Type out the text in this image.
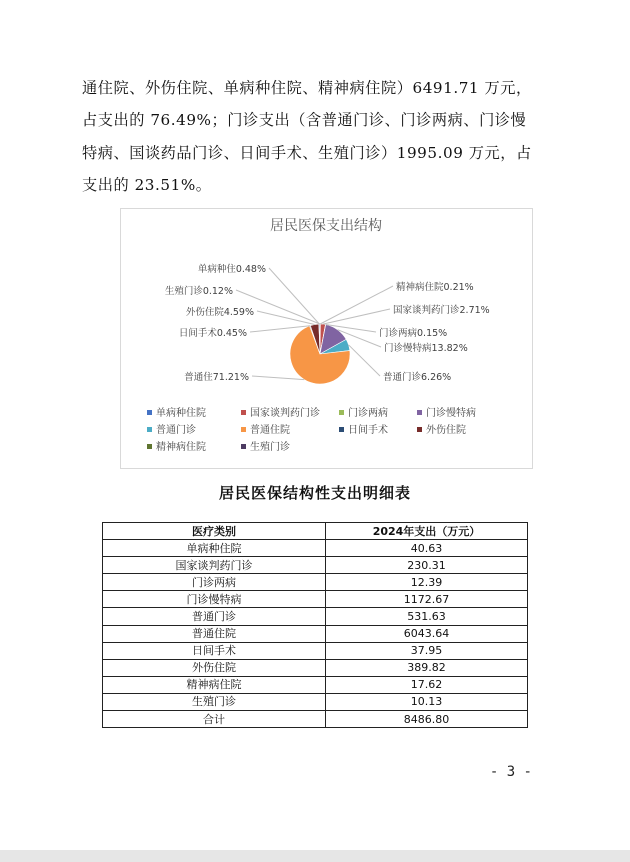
通住院、外伤住院、单病种住院、精神病住院）6491.71 万元，
占支出的 76.49%；门诊支出（含普通门诊、门诊两病、门诊慢
特病、国谈药品门诊、日间手术、生殖门诊）1995.09 万元，占
支出的 23.51%。
居民医保支出结构
单病种住0.48%
国家谈判药门诊2.71%
门诊两病0.15%
门诊慢特病13.82%
普通门诊6.26%
普通住71.21%
日间手术0.45%
外伤住院4.59%
精神病住院0.21%
生殖门诊0.12%
单病种住院	国家谈判药门诊	门诊两病	门诊慢特病
普通门诊	普通住院	日间手术	外伤住院
精神病住院	生殖门诊
居民医保结构性支出明细表
医疗类别	2024年支出（万元）
单病种住院	40.63
国家谈判药门诊	230.31
门诊两病	12.39
门诊慢特病	1172.67
普通门诊	531.63
普通住院	6043.64
日间手术	37.95
外伤住院	389.82
精神病住院	17.62
生殖门诊	10.13
合计	8486.80
- 3 -
